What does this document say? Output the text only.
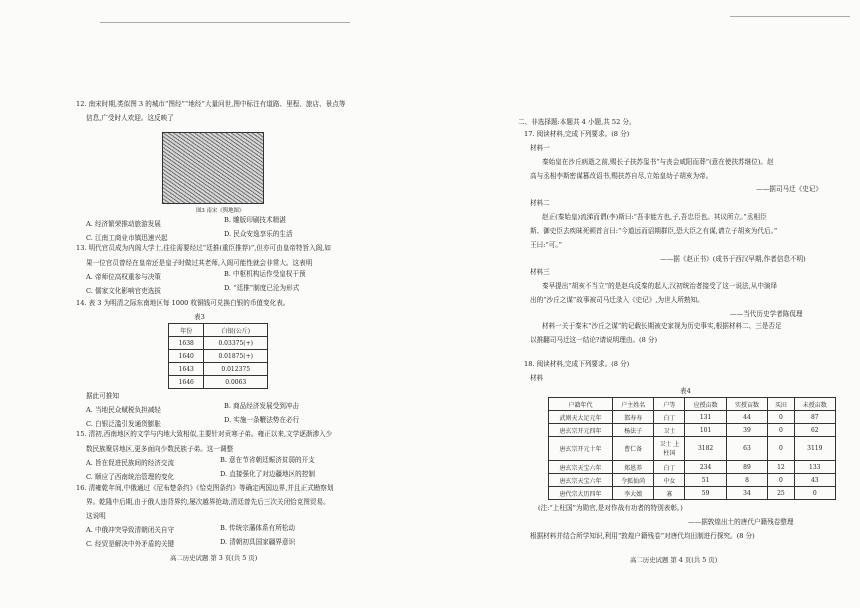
12. 南宋时期,类似图 3 的城市“图经”“地经”大量问世,图中标注有道路、里程、旅店、景点等
信息,广受时人欢迎。这反映了
图3 南宋《舆地图》
A. 经济繁荣推动旅游发展	B. 雕版印刷技术精湛
C. 江南工商业市镇迅速兴起	D. 民众安逸享乐的生活
13. 明代官员成为内阁大学士,往往需要经过“廷推(重臣推荐)”,但亦可由皇帝特旨入阁,如
果一位官员曾经在皇帝还是皇子时做过其老师,入阁可能性就会非常大。这表明
A. 帝师位高权重参与决策	B. 中枢机构运作受皇权干预
C. 儒家文化影响官吏选拔	D. “廷推”制度已沦为形式
14. 表 3 为明清之际东南地区每 1000 枚铜钱可兑换白银的币值变化表。
表3
年份	白银(公斤)
1638	0.03375(+)
1640	0.01875(+)
1643	0.012375
1646	0.0063
据此可推知
A. 当地民众赋税负担减轻	B. 商品经济发展受到冲击
C. 白银泛滥引发通货膨胀	D. 实施一条鞭法势在必行
15. 清初,西南地区的文学与内地大致相似,主要针对贡寒子弟。雍正以来,文学逐渐渗入少
数民族聚居地区,更多面向少数民族子弟。这一调整
A. 旨在促进民族间的经济交流	B. 意在节省朝廷赈济贫弱的开支
C. 顺应了西南统治管理的变化	D. 直接强化了对边疆地区的控制
16. 清雍乾年间,中俄通过《尼布楚条约》《恰克图条约》等确定两国边界,并且正式勘察划
界。乾隆中后期,由于俄人违背界约,屡次越界抢劫,清廷曾先后三次关闭恰克图贸易。
这说明
A. 中俄冲突导致清朝闭关自守	B. 传统宗藩体系有所松动
C. 经贸是解决中外矛盾的关键	D. 清朝初具国家疆界意识
高二历史试题 第 3 页(共 5 页)
二、非选择题:本题共 4 小题,共 52 分。
17. 阅读材料,完成下列要求。(8 分)
材料一
秦始皇在沙丘病逝之前,赐长子扶苏玺书“与丧会咸阳而葬”(意在使扶苏继位)。赵
高与丞相李斯密谋篡改诏书,赐扶苏自尽,立始皇幼子胡亥为帝。
——据司马迁《史记》
材料二
赵正(秦始皇)流涕而谓(李)斯曰:“吾非能方也,子,吾忠臣也。其议所立。”丞相臣
斯、御史臣去疾昧死顿首言曰:“今道远而诏期群臣,恐大臣之有谋,请立子胡亥为代后。”
王曰:“可。”
——据《赵正书》(成书于西汉早期,作者信息不明)
材料三
秦早提出“胡亥不当立”的是赵兵反秦的起人,汉初统治者接受了这一说法,从中演绎
出的“沙丘之谋”故事被司马迁录入《史记》,为世人所熟知。
——当代历史学者陈侃理
材料一关于秦末“沙丘之谋”的记载长期被史家视为历史事实,根据材料二、三是否足
以推翻司马迁这一结论?请说明理由。(8 分)
18. 阅读材料,完成下列要求。(8 分)
材料
表4
户籍年代	户主姓名	户等	应授亩数	实授亩数	买田	未授亩数
武则天大足元年	邯寿寿	白丁	131	44	0	87
唐玄宗开元四年	杨法子	卫士	101	39	0	62
唐玄宗开元十年	曹仁备	卫士 上柱国	3182	63	0	3119
唐玄宗天宝六年	郑恩养	白丁	234	89	12	133
唐玄宗天宝六年	令狐仙尚	中女	51	8	0	43
唐代宗大历四年	李大娘	寡	59	34	25	0
(注:“上柱国”为勋官,是对作战有功者的特别表彰。)
——据敦煌出土的唐代户籍残卷整理
根据材料并结合所学知识,利用“敦煌户籍残卷”对唐代均田制进行探究。(8 分)
高二历史试题 第 4 页(共 5 页)
